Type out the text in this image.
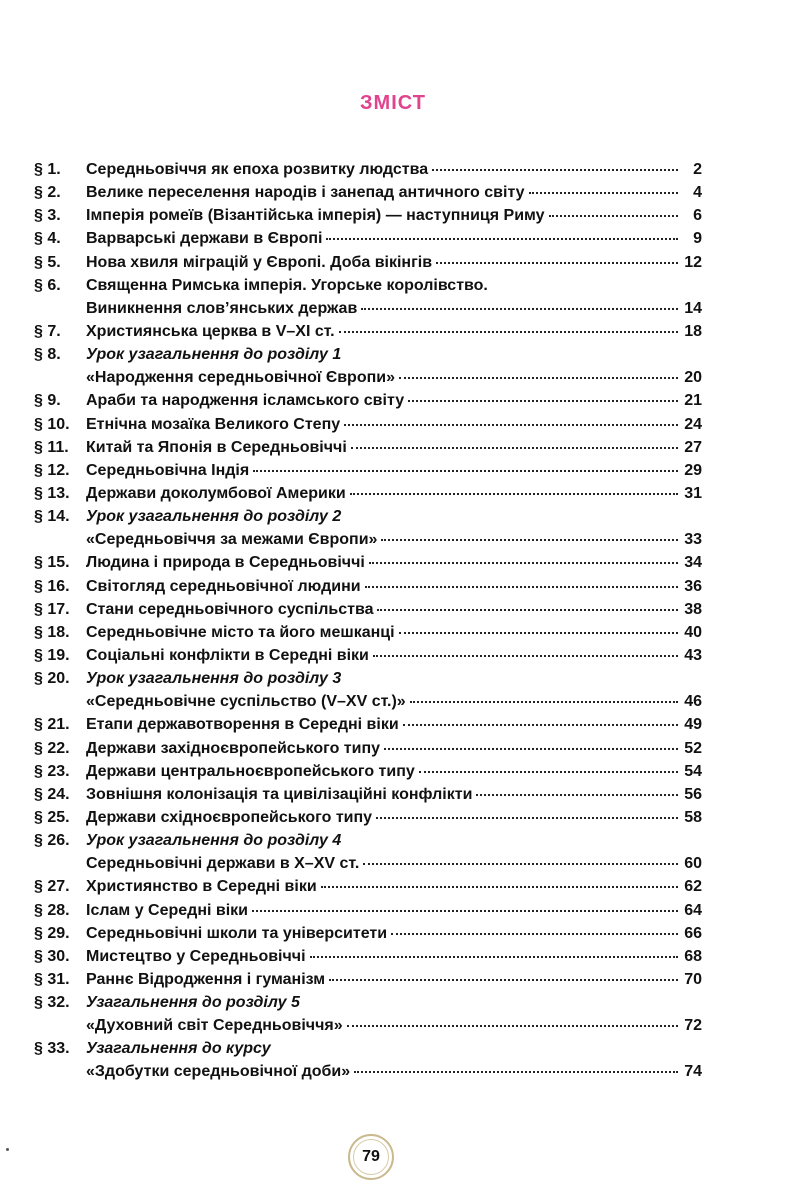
ЗМІСТ
§ 1.	Середньовіччя як епоха розвитку людства	2
§ 2.	Велике переселення народів і занепад античного світу	4
§ 3.	Імперія ромеїв (Візантійська імперія) — наступниця Риму	6
§ 4.	Варварські держави в Європі	9
§ 5.	Нова хвиля міграцій у Європі. Доба вікінгів	12
§ 6.	Священна Римська імперія. Угорське королівство.
Виникнення слов’янських держав	14
§ 7.	Християнська церква в V–XI ст.	18
§ 8.	Урок узагальнення до розділу 1
«Народження середньовічної Європи»	20
§ 9.	Араби та народження ісламського світу	21
§ 10.	Етнічна мозаїка Великого Степу	24
§ 11.	Китай та Японія в Середньовіччі	27
§ 12.	Середньовічна Індія	29
§ 13.	Держави доколумбової Америки	31
§ 14.	Урок узагальнення до розділу 2
«Середньовіччя за межами Європи»	33
§ 15.	Людина і природа в Середньовіччі	34
§ 16.	Світогляд середньовічної людини	36
§ 17.	Стани середньовічного суспільства	38
§ 18.	Середньовічне місто та його мешканці	40
§ 19.	Соціальні конфлікти в Середні віки	43
§ 20.	Урок узагальнення до розділу 3
«Середньовічне суспільство (V–XV ст.)»	46
§ 21.	Етапи державотворення в Середні віки	49
§ 22.	Держави західноєвропейського типу	52
§ 23.	Держави центральноєвропейського типу	54
§ 24.	Зовнішня колонізація та цивілізаційні конфлікти	56
§ 25.	Держави східноєвропейського типу	58
§ 26.	Урок узагальнення до розділу 4
Середньовічні держави в X–XV ст.	60
§ 27.	Християнство в Середні віки	62
§ 28.	Іслам у Середні віки	64
§ 29.	Середньовічні школи та університети	66
§ 30.	Мистецтво у Середньовіччі	68
§ 31.	Раннє Відродження і гуманізм	70
§ 32.	Узагальнення до розділу 5
«Духовний світ Середньовіччя»	72
§ 33.	Узагальнення до курсу
«Здобутки середньовічної доби»	74
79
